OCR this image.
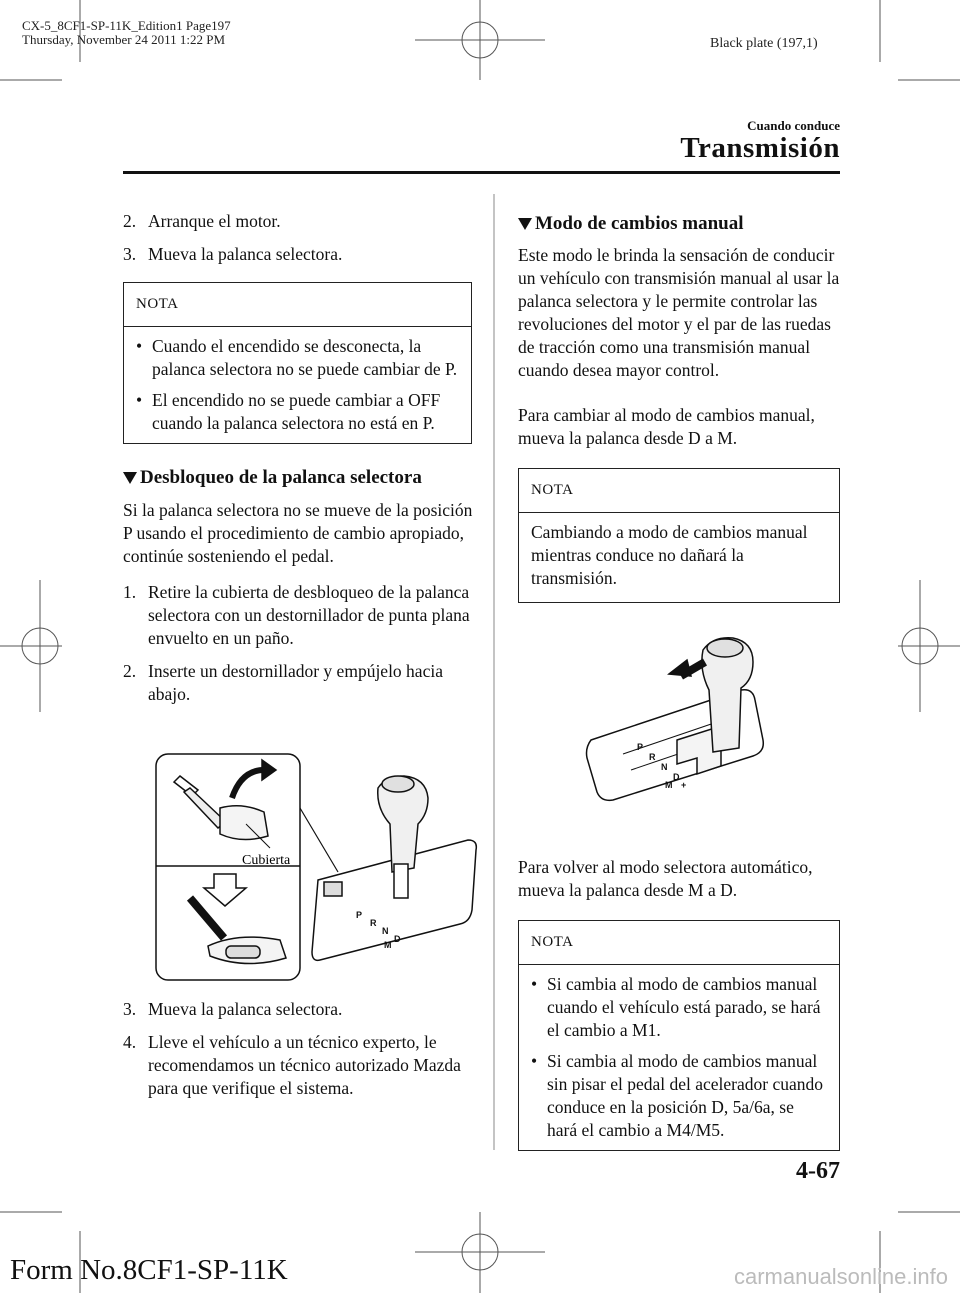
CX-5_8CF1-SP-11K_Edition1 Page197
Thursday, November 24 2011 1:22 PM	Black plate (197,1)
Cuando conduce
Transmisión
2. Arranque el motor.
3. Mueva la palanca selectora.
NOTA
• Cuando el encendido se desconecta, la palanca selectora no se puede cambiar de P.
• El encendido no se puede cambiar a OFF cuando la palanca selectora no está en P.
Desbloqueo de la palanca selectora

Si la palanca selectora no se mueve de la posición P usando el procedimiento de cambio apropiado, continúe sosteniendo el pedal.

1. Retire la cubierta de desbloqueo de la palanca selectora con un destornillador de punta plana envuelto en un paño.
2. Inserte un destornillador y empújelo hacia abajo.
Cubierta
P
R
N
D
M
3. Mueva la palanca selectora.
4. Lleve el vehículo a un técnico experto, le recomendamos un técnico autorizado Mazda para que verifique el sistema.
Modo de cambios manual

Este modo le brinda la sensación de conducir un vehículo con transmisión manual al usar la palanca selectora y le permite controlar las revoluciones del motor y el par de las ruedas de tracción como una transmisión manual cuando desea mayor control.

Para cambiar al modo de cambios manual, mueva la palanca desde D a M.

NOTA
Cambiando a modo de cambios manual mientras conduce no dañará la transmisión.
P
R
N
D
M +

Para volver al modo selectora automático, mueva la palanca desde M a D.

NOTA
• Si cambia al modo de cambios manual cuando el vehículo está parado, se hará el cambio a M1.
• Si cambia al modo de cambios manual sin pisar el pedal del acelerador cuando conduce en la posición D, 5a/6a, se hará el cambio a M4/M5.
4-67
Form No.8CF1-SP-11K	carmanualsonline.info
